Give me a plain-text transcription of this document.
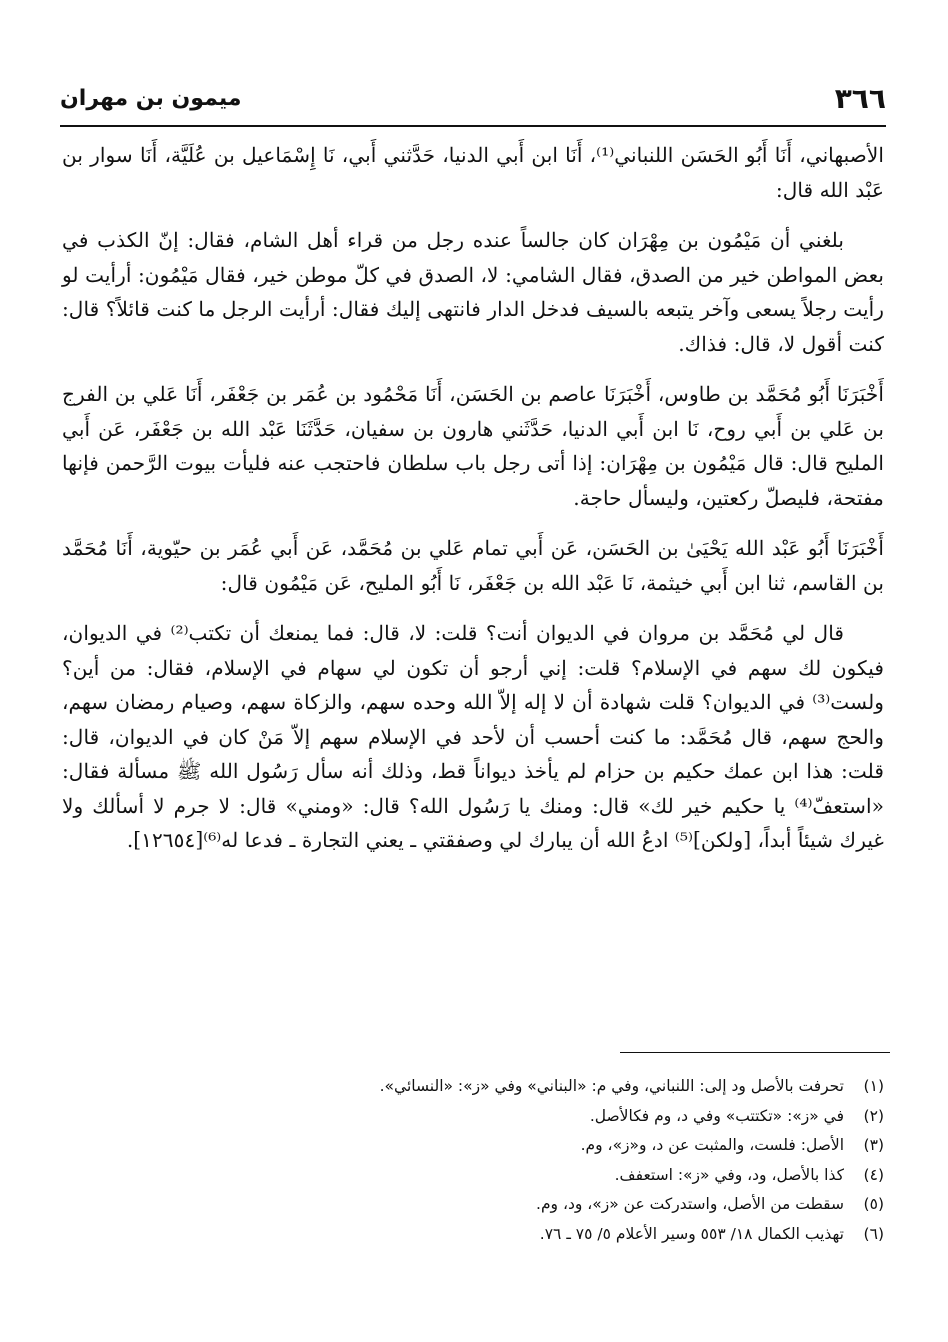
٣٦٦
ميمون بن مهران

الأصبهاني، أَنَا أَبُو الحَسَن اللنباني⁽¹⁾، أَنَا ابن أَبي الدنيا، حَدَّثني أَبي، نَا إِسْمَاعيل بن عُلَيَّة، أَنَا سوار بن عَبْد الله قال:

بلغني أن مَيْمُون بن مِهْرَان كان جالساً عنده رجل من قراء أهل الشام، فقال: إنّ الكذب في بعض المواطن خير من الصدق، فقال الشامي: لا، الصدق في كلّ موطن خير، فقال مَيْمُون: أرأيت لو رأيت رجلاً يسعى وآخر يتبعه بالسيف فدخل الدار فانتهى إليك فقال: أرأيت الرجل ما كنت قائلاً؟ قال: كنت أقول لا، قال: فذاك.

أَخْبَرَنَا أَبُو مُحَمَّد بن طاوس، أَخْبَرَنَا عاصم بن الحَسَن، أَنَا مَحْمُود بن عُمَر بن جَعْفَر، أَنَا عَلي بن الفرج بن عَلي بن أَبي روح، نَا ابن أَبي الدنيا، حَدَّثَني هارون بن سفيان، حَدَّثَنَا عَبْد الله بن جَعْفَر، عَن أَبي المليح قال: قال مَيْمُون بن مِهْرَان: إذا أتى رجل باب سلطان فاحتجب عنه فليأت بيوت الرَّحمن فإنها مفتحة، فليصلّ ركعتين، وليسأل حاجة.

أَخْبَرَنَا أَبُو عَبْد الله يَحْيَىٰ بن الحَسَن، عَن أَبي تمام عَلي بن مُحَمَّد، عَن أَبي عُمَر بن حيّوية، أَنَا مُحَمَّد بن القاسم، ثنا ابن أَبي خيثمة، نَا عَبْد الله بن جَعْفَر، نَا أَبُو المليح، عَن مَيْمُون قال:

قال لي مُحَمَّد بن مروان في الديوان أنت؟ قلت: لا، قال: فما يمنعك أن تكتب⁽²⁾ في الديوان، فيكون لك سهم في الإسلام؟ قلت: إني أرجو أن تكون لي سهام في الإسلام، فقال: من أين؟ ولست⁽³⁾ في الديوان؟ قلت شهادة أن لا إله إلاّ الله وحده سهم، والزكاة سهم، وصيام رمضان سهم، والحج سهم، قال مُحَمَّد: ما كنت أحسب أن لأحد في الإسلام سهم إلاّ مَنْ كان في الديوان، قال: قلت: هذا ابن عمك حكيم بن حزام لم يأخذ ديواناً قط، وذلك أنه سأل رَسُول الله ﷺ مسألة فقال: «استعفّ⁽⁴⁾ يا حكيم خير لك» قال: ومنك يا رَسُول الله؟ قال: «ومني» قال: لا جرم لا أسألك ولا غيرك شيئاً أبداً، [ولكن]⁽⁵⁾ ادعُ الله أن يبارك لي وصفقتي ـ يعني التجارة ـ فدعا له⁽⁶⁾[١٢٦٥٤].

(١)تحرفت بالأصل ود إلى: اللنباني، وفي م: «البناني» وفي «ز»: «النسائي».
(٢)في «ز»: «تكتتب» وفي د، وم فكالأصل.
(٣)الأصل: فلست، والمثبت عن د، و«ز»، وم.
(٤)كذا بالأصل، ود، وفي «ز»: استعفف.
(٥)سقطت من الأصل، واستدركت عن «ز»، ود، وم.
(٦)تهذيب الكمال ١٨/ ٥٥٣ وسير الأعلام ٥/ ٧٥ ـ ٧٦.
